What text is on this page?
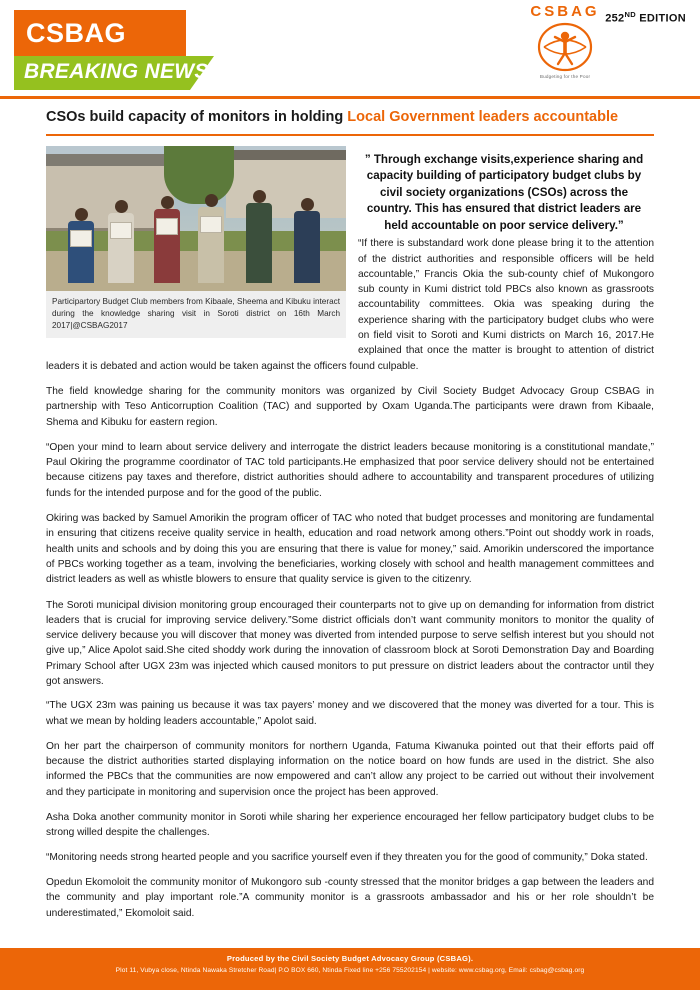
CSBAG
BREAKING NEWS
252ND EDITION
CSBAG
Budgeting for the Poor
CSOs build capacity of monitors in holding Local Government leaders accountable
Participartory Budget Club members from Kibaale, Sheema and Kibuku interact during the knowledge sharing visit in Soroti district on 16th March 2017|@CSBAG2017
” Through exchange visits,experience sharing and capacity building of participatory budget clubs by civil society organizations (CSOs) across the country. This has ensured that district leaders are held accountable on poor service delivery.”

“If there is substandard work done please bring it to the attention of the district authorities and responsible officers will be held accountable,” Francis Okia the sub-county chief of Mukongoro sub county in Kumi district told PBCs also known as grassroots accountability committees. Okia was speaking during the experience sharing with the participatory budget clubs who were on field visit to Soroti and Kumi districts on March 16, 2017.He explained that once the matter is brought to attention of district leaders it is debated and action would be taken against the officers found culpable.

The field knowledge sharing for the community monitors was organized by Civil Society Budget Advocacy Group CSBAG in partnership with Teso Anticorruption Coalition (TAC) and supported by Oxam Uganda.The participants were drawn from Kibaale, Shema and Kibuku for eastern region.

“Open your mind to learn about service delivery and interrogate the district leaders because monitoring is a constitutional mandate,” Paul Okiring the programme coordinator of TAC told participants.He emphasized that poor service delivery should not be entertained because citizens pay taxes and therefore, district authorities should adhere to accountability and transparent procedures of utilizing funds for the intended purpose and for the good of the public.

Okiring was backed by Samuel Amorikin the program officer of TAC who noted that budget processes and monitoring are fundamental in ensuring that citizens receive quality service in health, education and road network among others.”Point out shoddy work in roads, health units and schools and by doing this you are ensuring that there is value for money,” said. Amorikin underscored the importance of PBCs working together as a team, involving the beneficiaries, working closely with school and health management committees and district leaders as well as whistle blowers to ensure that quality service is given to the citizenry.

The Soroti municipal division monitoring group encouraged their counterparts not to give up on demanding for information from district leaders that is crucial for improving service delivery.”Some district officials don’t want community monitors to monitor the quality of service delivery because you will discover that money was diverted from intended purpose to serve selfish interest but you should not give up,” Alice Apolot said.She cited shoddy work during the innovation of classroom block at Soroti Demonstration Day and Boarding Primary School after UGX 23m was injected which caused monitors to put pressure on district leaders about the contractor until they got answers.

“The UGX 23m was paining us because it was tax payers’ money and we discovered that the money was diverted for a tour. This is what we mean by holding leaders accountable,” Apolot said.

On her part the chairperson of community monitors for northern Uganda, Fatuma Kiwanuka pointed out that their efforts paid off because the district authorities started displaying information on the notice board on how funds are used in the district. She also informed the PBCs that the communities are now empowered and can’t allow any project to be carried out without their involvement and they participate in monitoring and supervision once the project has been approved.

Asha Doka another community monitor in Soroti while sharing her experience encouraged her fellow participatory budget clubs to be strong willed despite the challenges.

“Monitoring needs strong hearted people and you sacrifice yourself even if they threaten you for the good of community,” Doka stated.

Opedun Ekomoloit the community monitor of Mukongoro sub -county stressed that the monitor bridges a gap between the leaders and the community and play important role.”A community monitor is a grassroots ambassador and his or her role shouldn’t be underestimated,” Ekomoloit said.

Produced by the Civil Society Budget Advocacy Group (CSBAG).
Plot 11, Vubya close, Ntinda Nawaka Stretcher Road| P.O BOX 660, Ntinda Fixed line +256 755202154 | website: www.csbag.org, Email: csbag@csbag.org
